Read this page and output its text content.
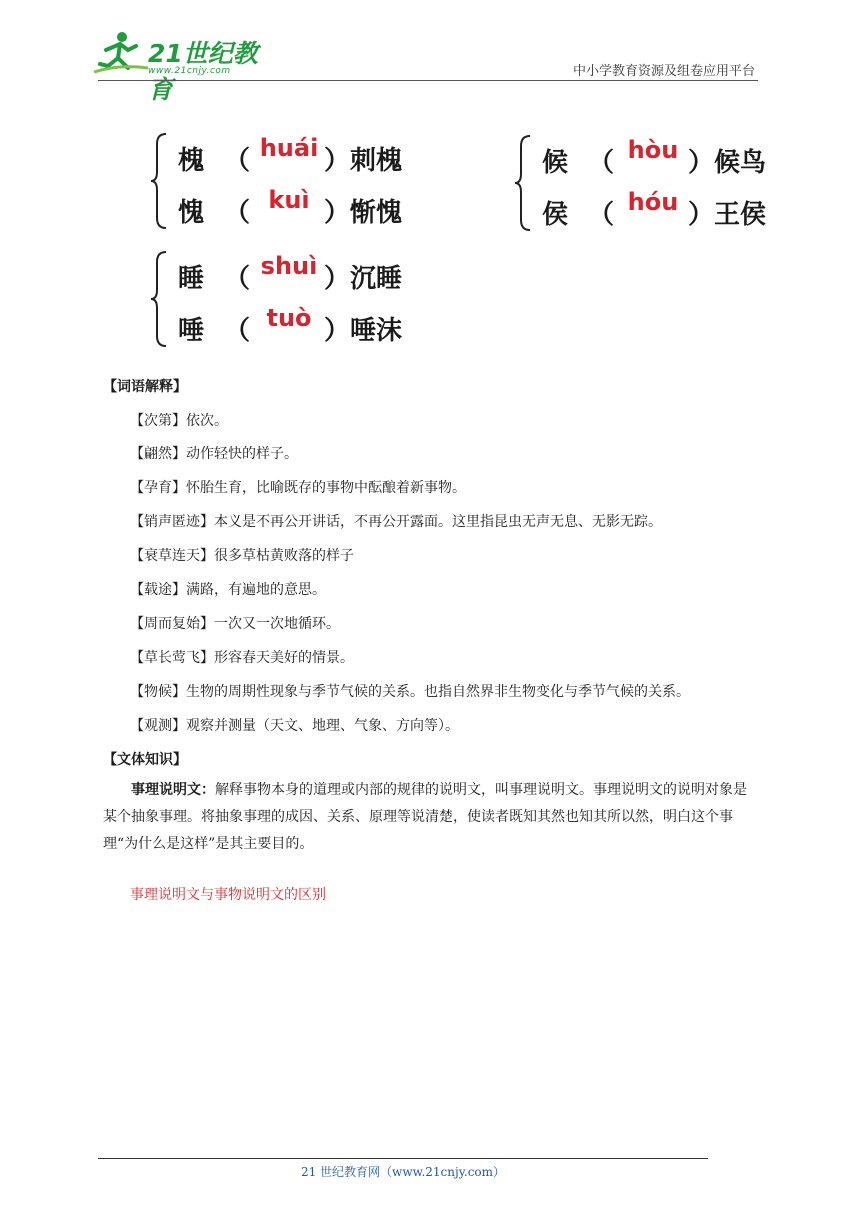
21世纪教育
www.21cnjy.com	中小学教育资源及组卷应用平台
槐 （ huái ） 刺槐
愧 （ kuì ） 惭愧
候 （ hòu ） 候鸟
侯 （ hóu ） 王侯
睡 （ shuì ） 沉睡
唾 （ tuò ） 唾沫
【词语解释】
【次第】依次。
【翩然】动作轻快的样子。
【孕育】怀胎生育，比喻既存的事物中酝酿着新事物。
【销声匿迹】本义是不再公开讲话，不再公开露面。这里指昆虫无声无息、无影无踪。
【衰草连天】很多草枯黄败落的样子
【载途】满路，有遍地的意思。
【周而复始】一次又一次地循环。
【草长莺飞】形容春天美好的情景。
【物候】生物的周期性现象与季节气候的关系。也指自然界非生物变化与季节气候的关系。
【观测】观察并测量（天文、地理、气象、方向等）。
【文体知识】
事理说明文：解释事物本身的道理或内部的规律的说明文，叫事理说明文。事理说明文的说明对象是某个抽象事理。将抽象事理的成因、关系、原理等说清楚，使读者既知其然也知其所以然，明白这个事理“为什么是这样”是其主要目的。
事理说明文与事物说明文的区别
21 世纪教育网（www.21cnjy.com）
